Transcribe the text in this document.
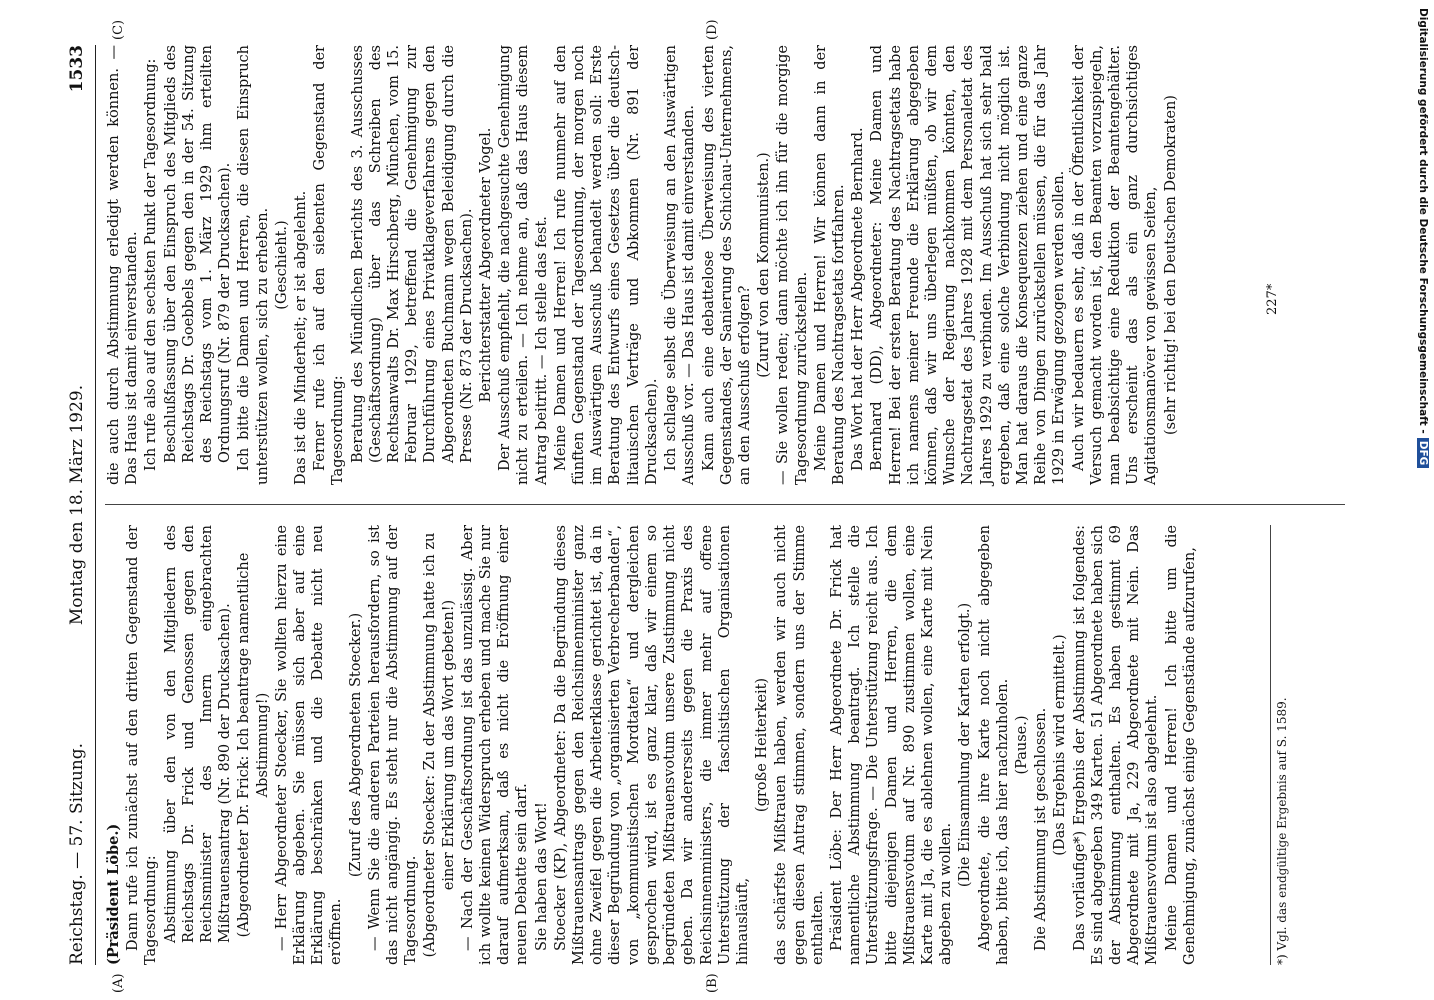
Reichstag. — 57. Sitzung.
Montag den 18. März 1929.
1533
(A)	(B)
(C)	(D)

(Präsident Löbe.) Dann rufe ich zunächst auf den dritten Gegenstand der Tagesordnung: Abstimmung über den von den Mitgliedern des Reichstags Dr. Frick und Genossen gegen den Reichsminister des Innern eingebrachten Mißtrauensantrag (Nr. 890 der Drucksachen). (Abgeordneter Dr. Frick: Ich beantrage namentliche Abstimmung!) — Herr Abgeordneter Stoecker, Sie wollten hierzu eine Erklärung abgeben. Sie müssen sich aber auf eine Erklärung beschränken und die Debatte nicht neu eröffnen.

(Zuruf des Abgeordneten Stoecker.) — Wenn Sie die anderen Parteien herausfordern, so ist das nicht angängig. Es steht nur die Abstimmung auf der Tagesordnung. (Abgeordneter Stoecker: Zu der Abstimmung hatte ich zu einer Erklärung um das Wort gebeten!) — Nach der Geschäftsordnung ist das unzulässig. Aber ich wollte keinen Widerspruch erheben und mache Sie nur darauf aufmerksam, daß es nicht die Eröffnung einer neuen Debatte sein darf. Sie haben das Wort! Stoecker (KP), Abgeordneter: Da die Begründung dieses Mißtrauensantrags gegen den Reichsinnenminister ganz ohne Zweifel gegen die Arbeiterklasse gerichtet ist, da in dieser Begründung von „organisierten Verbrecherbanden“, von „kommunistischen Mordtaten“ und dergleichen gesprochen wird, ist es ganz klar, daß wir einem so begründeten Mißtrauensvotum unsere Zustimmung nicht geben. Da wir andererseits gegen die Praxis des Reichsinnenministers, die immer mehr auf offene Unterstützung der faschistischen Organisationen hinausläuft,

(große Heiterkeit) das schärfste Mißtrauen haben, werden wir auch nicht gegen diesen Antrag stimmen, sondern uns der Stimme enthalten. Präsident Löbe: Der Herr Abgeordnete Dr. Frick hat namentliche Abstimmung beantragt. Ich stelle die Unterstützungsfrage. — Die Unterstützung reicht aus. Ich bitte diejenigen Damen und Herren, die dem Mißtrauensvotum auf Nr. 890 zustimmen wollen, eine Karte mit Ja, die es ablehnen wollen, eine Karte mit Nein abgeben zu wollen.

(Die Einsammlung der Karten erfolgt.) Abgeordnete, die ihre Karte noch nicht abgegeben haben, bitte ich, das hier nachzuholen. (Pause.) Die Abstimmung ist geschlossen. (Das Ergebnis wird ermittelt.) Das vorläufige*) Ergebnis der Abstimmung ist folgendes: Es sind abgegeben 349 Karten. 51 Abgeordnete haben sich der Abstimmung enthalten. Es haben gestimmt 69 Abgeordnete mit Ja, 229 Abgeordnete mit Nein. Das Mißtrauensvotum ist also abgelehnt. Meine Damen und Herren! Ich bitte um die Genehmigung, zunächst einige Gegenstände aufzurufen,

die auch durch Abstimmung erledigt werden können. — Das Haus ist damit einverstanden. Ich rufe also auf den sechsten Punkt der Tagesordnung: Beschlußfassung über den Einspruch des Mitglieds des Reichstags Dr. Goebbels gegen den in der 54. Sitzung des Reichstags vom 1. März 1929 ihm erteilten Ordnungsruf (Nr. 879 der Drucksachen). Ich bitte die Damen und Herren, die diesen Einspruch unterstützen wollen, sich zu erheben. (Geschieht.) Das ist die Minderheit; er ist abgelehnt. Ferner rufe ich auf den siebenten Gegenstand der Tagesordnung: Beratung des Mündlichen Berichts des 3. Ausschusses (Geschäftsordnung) über das Schreiben des Rechtsanwalts Dr. Max Hirschberg, München, vom 15. Februar 1929, betreffend die Genehmigung zur Durchführung eines Privatklageverfahrens gegen den Abgeordneten Buchmann wegen Beleidigung durch die Presse (Nr. 873 der Drucksachen). Berichterstatter Abgeordneter Vogel. Der Ausschuß empfiehlt, die nachgesuchte Genehmigung nicht zu erteilen. — Ich nehme an, daß das Haus diesem Antrag beitritt. — Ich stelle das fest. Meine Damen und Herren! Ich rufe nunmehr auf den fünften Gegenstand der Tagesordnung, der morgen noch im Auswärtigen Ausschuß behandelt werden soll: Erste Beratung des Entwurfs eines Gesetzes über die deutsch-litauischen Verträge und Abkommen (Nr. 891 der Drucksachen). Ich schlage selbst die Überweisung an den Auswärtigen Ausschuß vor. — Das Haus ist damit einverstanden. Kann auch eine debattelose Überweisung des vierten Gegenstandes, der Sanierung des Schichau-Unternehmens, an den Ausschuß erfolgen?

(Zuruf von den Kommunisten.) — Sie wollen reden; dann möchte ich ihn für die morgige Tagesordnung zurückstellen. Meine Damen und Herren! Wir können dann in der Beratung des Nachtragsetats fortfahren. Das Wort hat der Herr Abgeordnete Bernhard. Bernhard (DD), Abgeordneter: Meine Damen und Herren! Bei der ersten Beratung des Nachtragsetats habe ich namens meiner Freunde die Erklärung abgegeben können, daß wir uns überlegen müßten, ob wir dem Wunsche der Regierung nachkommen könnten, den Nachtragsetat des Jahres 1928 mit dem Personaletat des Jahres 1929 zu verbinden. Im Ausschuß hat sich sehr bald ergeben, daß eine solche Verbindung nicht möglich ist. Man hat daraus die Konsequenzen ziehen und eine ganze Reihe von Dingen zurückstellen müssen, die für das Jahr 1929 in Erwägung gezogen werden sollen. Auch wir bedauern es sehr, daß in der Öffentlichkeit der Versuch gemacht worden ist, den Beamten vorzuspiegeln, man beabsichtige eine Reduktion der Beamtengehälter. Uns erscheint das als ein ganz durchsichtiges Agitationsmanöver von gewissen Seiten, (sehr richtig! bei den Deutschen Demokraten)

*) Vgl. das endgültige Ergebnis auf S. 1589.
227*	Digitalisierung gefördert durch die Deutsche Forschungsgemeinschaft -DFG
